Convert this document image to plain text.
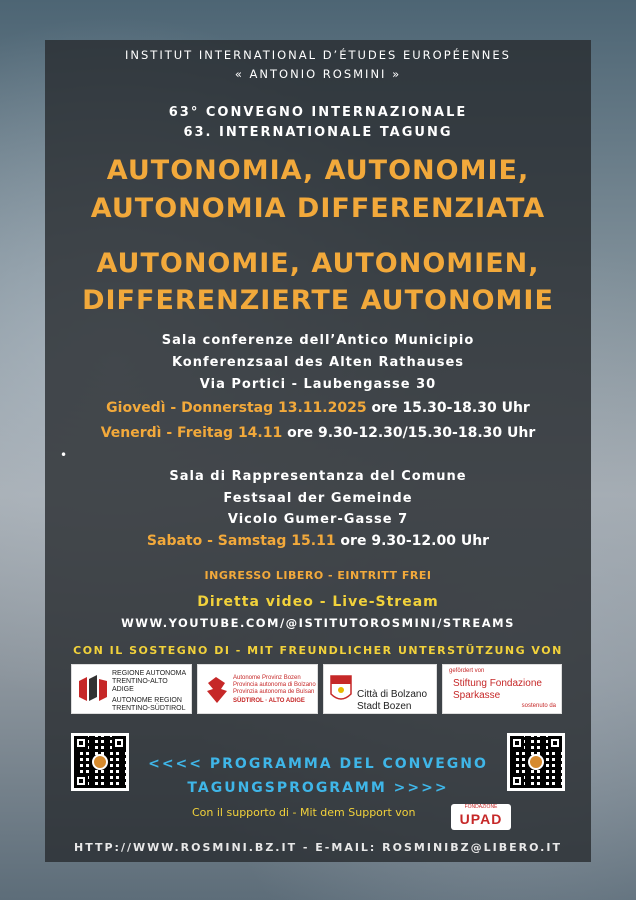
INSTITUT INTERNATIONAL D’ÉTUDES EUROPÉENNES
« ANTONIO ROSMINI »
63° CONVEGNO INTERNAZIONALE
63. INTERNATIONALE TAGUNG
AUTONOMIA, AUTONOMIE,
AUTONOMIA DIFFERENZIATA
AUTONOMIE, AUTONOMIEN,
DIFFERENZIERTE AUTONOMIE
Sala conferenze dell’Antico Municipio
Konferenzsaal des Alten Rathauses
Via Portici - Laubengasse 30
Giovedì - Donnerstag 13.11.2025 ore 15.30-18.30 Uhr
Venerdì - Freitag 14.11 ore 9.30-12.30/15.30-18.30 Uhr
•
Sala di Rappresentanza del Comune
Festsaal der Gemeinde
Vicolo Gumer-Gasse 7
Sabato - Samstag 15.11 ore 9.30-12.00 Uhr
INGRESSO LIBERO - EINTRITT FREI
Diretta video - Live-Stream
WWW.YOUTUBE.COM/@ISTITUTOROSMINI/STREAMS
CON IL SOSTEGNO DI - MIT FREUNDLICHER UNTERSTÜTZUNG VON
REGIONE AUTONOMA
TRENTINO-ALTO ADIGE
AUTONOME REGION
TRENTINO-SÜDTIROL
Autonome Provinz Bozen
Provincia autonoma di Bolzano
Provinzia autonoma de Bulsan
SÜDTIROL · ALTO ADIGE
Città di Bolzano
Stadt Bozen
gefördert von
Stiftung Fondazione
Sparkasse
sostenuto da
<<<< PROGRAMMA DEL CONVEGNO
TAGUNGSPROGRAMM >>>>
Con il supporto di - Mit dem Support von	FONDAZIONE
UPAD
HTTP://WWW.ROSMINI.BZ.IT - E-MAIL: ROSMINIBZ@LIBERO.IT
